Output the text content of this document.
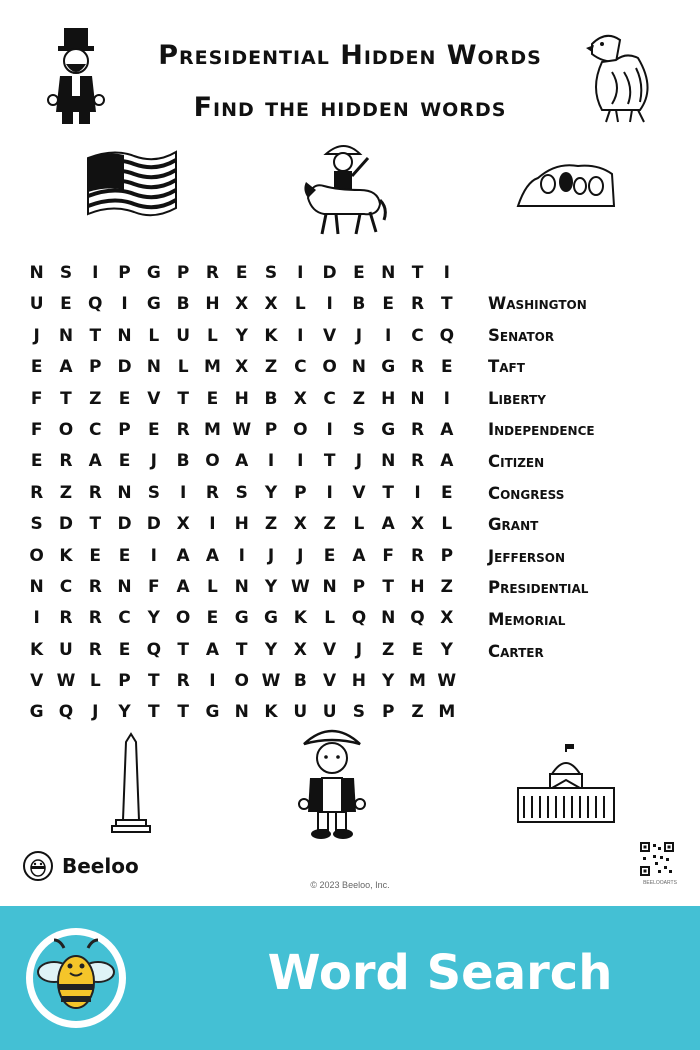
Presidential Hidden Words
Find the hidden words
N S	I	P G P R E	S	I	D E N T	I
U E Q	I	G B H X X	L	I	B	E R T
J	N T N L U L	Y K	I	V	J	I	C Q
E A P D N L M X Z C O N G R E
F	T	Z	E V T	E H B X C Z H N	I
F O C P	E R M W P O	I	S G R A
E R A E	J	B O A	I	I	T	J	N R A
R Z R N S	I	R S	Y P	I	V T	I	E
S D T D D X	I	H Z X Z	L	A X	L
O K E	E	I	A A	I	J	J	E A F R P
N C R N F A	L N Y W N P	T H Z
I	R R C Y O E G G K	L Q N Q X
K U R E Q T A T	Y X V	J	Z	E	Y
V W L	P	T R	I	O W B V H Y M W
G Q	J	Y	T	T G N K U U S P Z M
Washington
Senator
Taft
Liberty
Independence
Citizen
Congress
Grant
Jefferson
Presidential
Memorial
Carter
Beeloo
© 2023 Beeloo, Inc.	BEELOOARTS
Word Search
